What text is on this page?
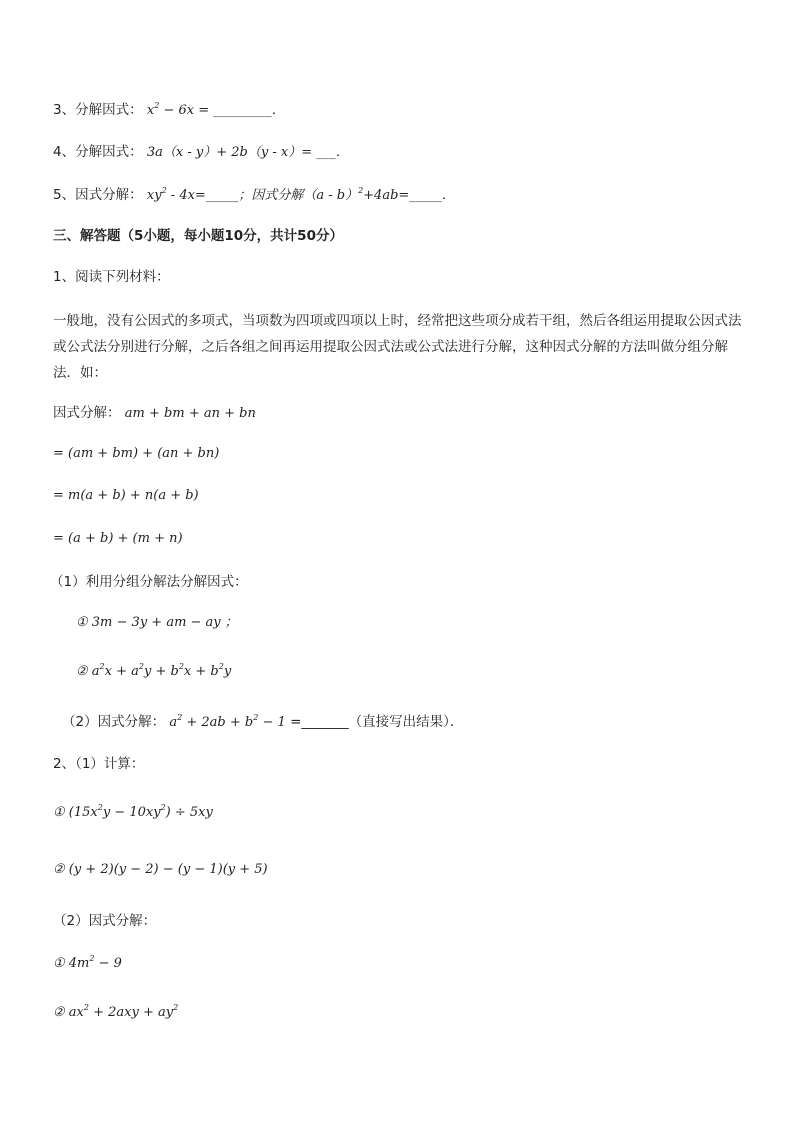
3、分解因式： $x^2 - 6x$ = _________．
4、分解因式： 3a（x - y）+ 2b（y - x）= ___．
5、因式分解： $xy^2$ - 4x=_____；因式分解（a - b）$^2$+4ab=_____．
三、解答题（5小题，每小题10分，共计50分）
1、阅读下列材料：
一般地，没有公因式的多项式，当项数为四项或四项以上时，经常把这些项分成若干组，然后各组运用提取公因式法或公式法分别进行分解，之后各组之间再运用提取公因式法或公式法进行分解，这种因式分解的方法叫做分组分解法．如：
因式分解： am + bm + an + bn
= (am + bm) + (an + bn)
= m(a + b) + n(a + b)
= (a + b) + (m + n)
（1）利用分组分解法分解因式：
① 3m − 3y + am − ay ；
② $a^2x + a^2y + b^2x + b^2y$
（2）因式分解： $a^2 + 2ab + b^2 - 1$ =_______（直接写出结果）．
2、（1）计算：
① $(15x^2y - 10xy^2) \div 5xy$
② (y + 2)(y − 2) − (y − 1)(y + 5)
（2）因式分解：
① $4m^2 - 9$
② $ax^2 + 2axy + ay^2$
